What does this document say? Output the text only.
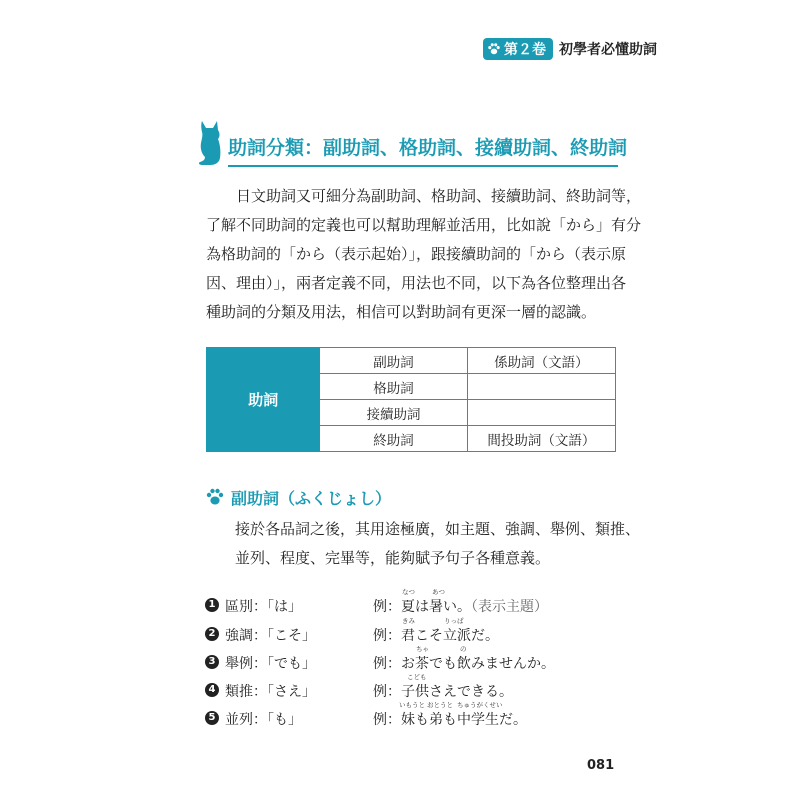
第２卷 初學者必懂助詞
助詞分類：副助詞、格助詞、接續助詞、終助詞
日文助詞又可細分為副助詞、格助詞、接續助詞、終助詞等，
了解不同助詞的定義也可以幫助理解並活用，比如說「から」有分
為格助詞的「から（表示起始）」，跟接續助詞的「から（表示原
因、理由）」，兩者定義不同，用法也不同，以下為各位整理出各
種助詞的分類及用法，相信可以對助詞有更深一層的認識。
助詞	副助詞	係助詞（文語）
	格助詞	
	接續助詞	
	終助詞	間投助詞（文語）
副助詞（ふくじょし）
接於各品詞之後，其用途極廣，如主題、強調、舉例、類推、
並列、程度、完畢等，能夠賦予句子各種意義。
1 區別：「は」	例：
なつ	あつ
夏は暑い。（表示主題）
2 強調：「こそ」	例：
きみ	りっぱ
君こそ立派だ。
3 舉例：「でも」	例：
ちゃ	の
お茶でも飲みませんか。
4 類推：「さえ」	例：
こども
子供さえできる。
5 並列：「も」	例：
いもうと おとうと ちゅうがくせい
妹も弟も中学生だ。
081
